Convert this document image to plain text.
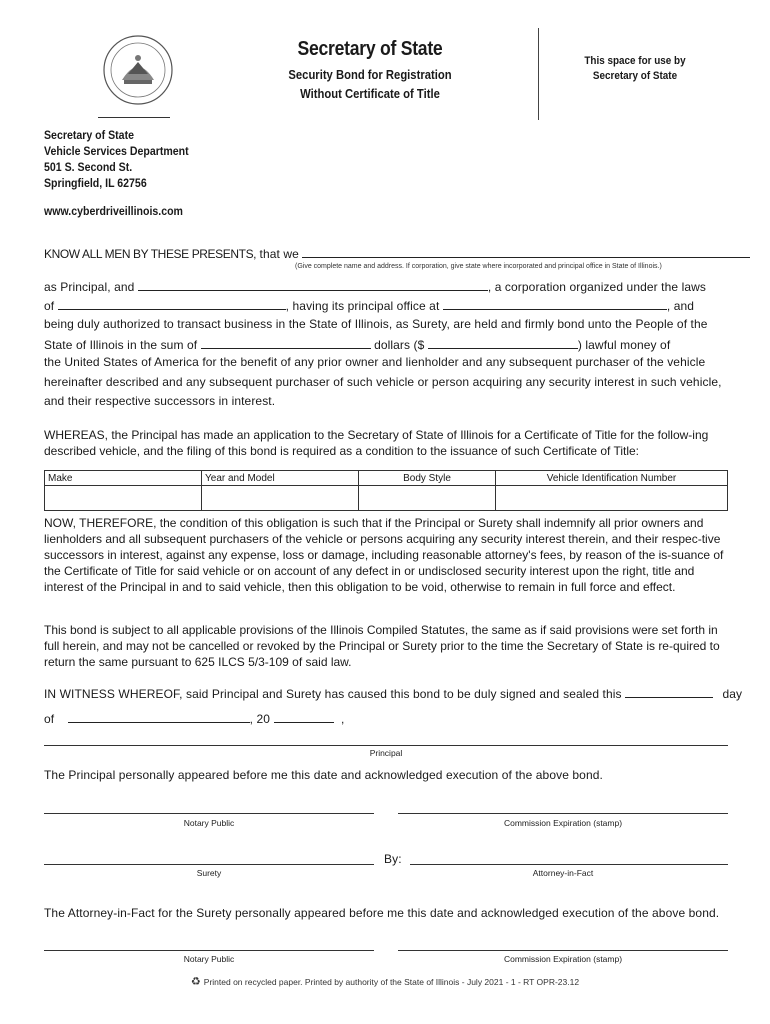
Secretary of State
Security Bond for Registration
Without Certificate of Title
This space for use by
Secretary of State
Secretary of State
Vehicle Services Department
501 S. Second St.
Springfield, IL 62756
www.cyberdriveillinois.com
KNOW ALL MEN BY THESE PRESENTS, that we
(Give complete name and address. If corporation, give state where incorporated and principal office in State of Illinois.)
as Principal, and	, a corporation organized under the laws
of	, having its principal office at	, and
being duly authorized to transact business in the State of Illinois, as Surety, are held and firmly bond unto the People of the
State of Illinois in the sum of	dollars ($	) lawful money of
the United States of America for the benefit of any prior owner and lienholder and any subsequent purchaser of the vehicle
hereinafter described and any subsequent purchaser of such vehicle or person acquiring any security interest in such vehicle,
and their respective successors in interest.
WHEREAS, the Principal has made an application to the Secretary of State of Illinois for a Certificate of Title for the follow-ing described vehicle, and the filing of this bond is required as a condition to the issuance of such Certificate of Title:
Make	Year and Model	Body Style	Vehicle Identification Number

NOW, THEREFORE, the condition of this obligation is such that if the Principal or Surety shall indemnify all prior owners and lienholders and all subsequent purchasers of the vehicle or persons acquiring any security interest therein, and their respec-tive successors in interest, against any expense, loss or damage, including reasonable attorney's fees, by reason of the is-suance of the Certificate of Title for said vehicle or on account of any defect in or undisclosed security interest upon the right, title and interest of the Principal in and to said vehicle, then this obligation to be void, otherwise to remain in full force and effect.
This bond is subject to all applicable provisions of the Illinois Compiled Statutes, the same as if said provisions were set forth in full herein, and may not be cancelled or revoked by the Principal or Surety prior to the time the Secretary of State is re-quired to return the same pursuant to 625 ILCS 5/3-109 of said law.
IN WITNESS WHEREOF, said Principal and Surety has caused this bond to be duly signed and sealed this	day
of	, 20	,
Principal
The Principal personally appeared before me this date and acknowledged execution of the above bond.
Notary Public	Commission Expiration (stamp)
Surety
By:
Attorney-in-Fact
The Attorney-in-Fact for the Surety personally appeared before me this date and acknowledged execution of the above bond.
Notary Public	Commission Expiration (stamp)
♻ Printed on recycled paper. Printed by authority of the State of Illinois - July 2021 - 1 - RT OPR-23.12
